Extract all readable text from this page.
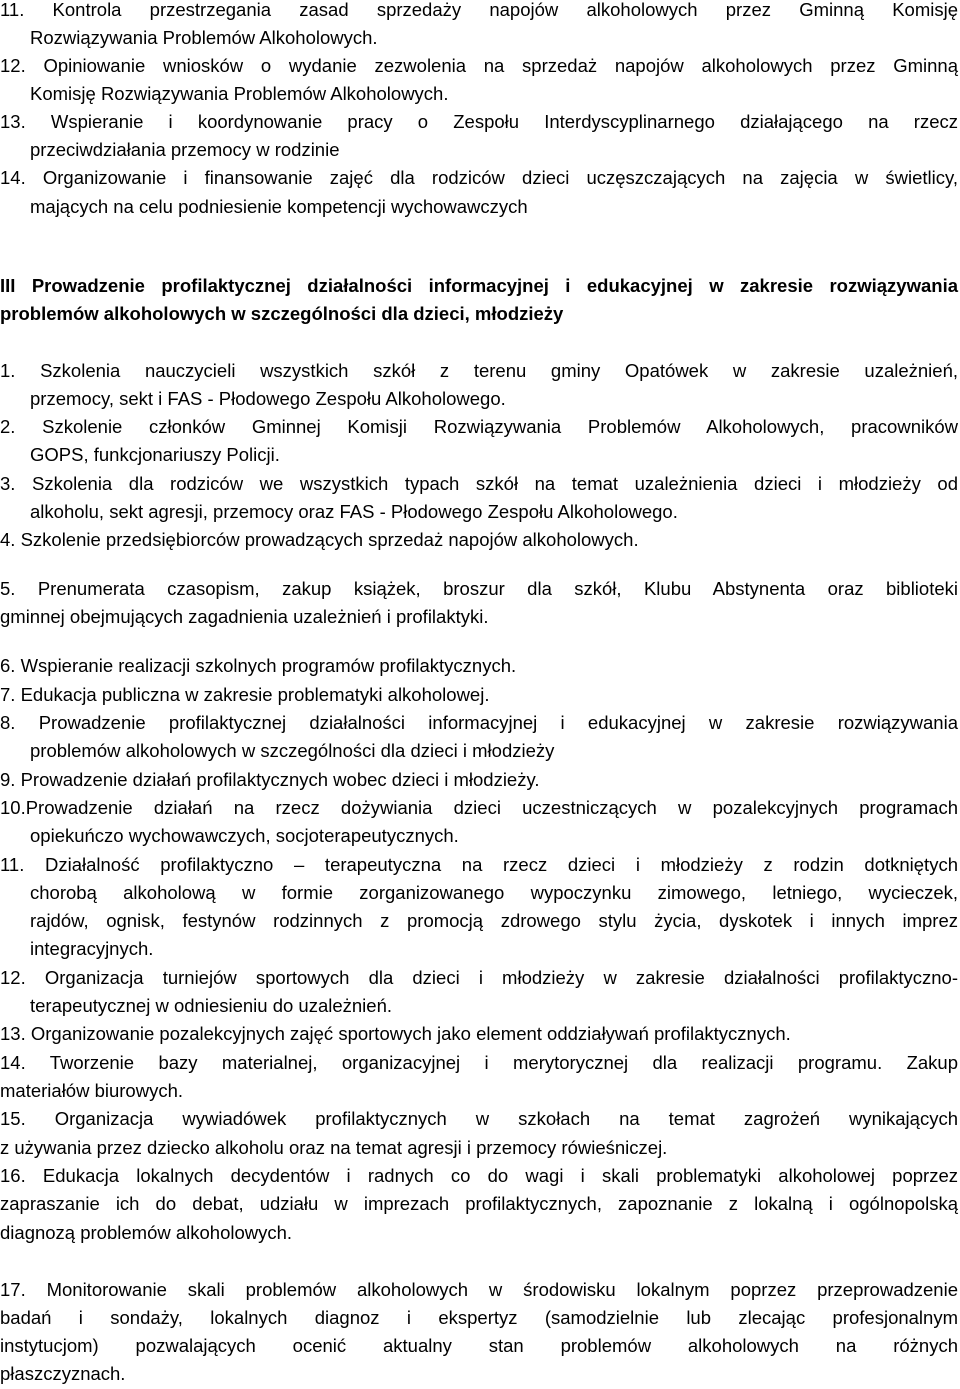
11. Kontrola przestrzegania zasad sprzedaży napojów alkoholowych przez Gminną Komisję
Rozwiązywania Problemów Alkoholowych.
12. Opiniowanie wniosków o wydanie zezwolenia na sprzedaż napojów alkoholowych przez Gminną
Komisję Rozwiązywania Problemów Alkoholowych.
13. Wspieranie i koordynowanie pracy o Zespołu Interdyscyplinarnego działającego na rzecz
przeciwdziałania przemocy w rodzinie
14. Organizowanie i finansowanie zajęć dla rodziców dzieci uczęszczających na zajęcia w świetlicy,
mających na celu podniesienie kompetencji wychowawczych
III Prowadzenie profilaktycznej działalności informacyjnej i edukacyjnej w zakresie rozwiązywania
problemów alkoholowych w szczególności dla dzieci, młodzieży
1. Szkolenia nauczycieli wszystkich szkół z terenu gminy Opatówek w zakresie uzależnień,
przemocy, sekt i FAS - Płodowego Zespołu Alkoholowego.
2. Szkolenie członków Gminnej Komisji Rozwiązywania Problemów Alkoholowych, pracowników
GOPS, funkcjonariuszy Policji.
3. Szkolenia dla rodziców we wszystkich typach szkół na temat uzależnienia dzieci i młodzieży od
alkoholu, sekt agresji, przemocy oraz FAS - Płodowego Zespołu Alkoholowego.
4. Szkolenie przedsiębiorców prowadzących sprzedaż napojów alkoholowych.
5. Prenumerata czasopism, zakup książek, broszur dla szkół, Klubu Abstynenta oraz biblioteki
gminnej obejmujących zagadnienia uzależnień i profilaktyki.
6. Wspieranie realizacji szkolnych programów profilaktycznych.
7. Edukacja publiczna w zakresie problematyki alkoholowej.
8. Prowadzenie profilaktycznej działalności informacyjnej i edukacyjnej w zakresie rozwiązywania
problemów alkoholowych w szczególności dla dzieci i młodzieży
9. Prowadzenie działań profilaktycznych wobec dzieci i młodzieży.
10.Prowadzenie działań na rzecz dożywiania dzieci uczestniczących w pozalekcyjnych programach
opiekuńczo wychowawczych, socjoterapeutycznych.
11. Działalność profilaktyczno – terapeutyczna na rzecz dzieci i młodzieży z rodzin dotkniętych
chorobą alkoholową w formie zorganizowanego wypoczynku zimowego, letniego, wycieczek,
rajdów, ognisk, festynów rodzinnych z promocją zdrowego stylu życia, dyskotek i innych imprez
integracyjnych.
12. Organizacja turniejów sportowych dla dzieci i młodzieży w zakresie działalności profilaktyczno-
terapeutycznej w odniesieniu do uzależnień.
13. Organizowanie pozalekcyjnych zajęć sportowych jako element oddziaływań profilaktycznych.
14. Tworzenie bazy materialnej, organizacyjnej i merytorycznej dla realizacji programu. Zakup
materiałów biurowych.
15. Organizacja wywiadówek profilaktycznych w szkołach na temat zagrożeń wynikających
z używania przez dziecko alkoholu oraz na temat agresji i przemocy rówieśniczej.
16. Edukacja lokalnych decydentów i radnych co do wagi i skali problematyki alkoholowej poprzez
zapraszanie ich do debat, udziału w imprezach profilaktycznych, zapoznanie z lokalną i ogólnopolską
diagnozą problemów alkoholowych.
17. Monitorowanie skali problemów alkoholowych w środowisku lokalnym poprzez przeprowadzenie
badań i sondaży, lokalnych diagnoz i ekspertyz (samodzielnie lub zlecając profesjonalnym
instytucjom) pozwalających ocenić aktualny stan problemów alkoholowych na różnych
płaszczyznach.
